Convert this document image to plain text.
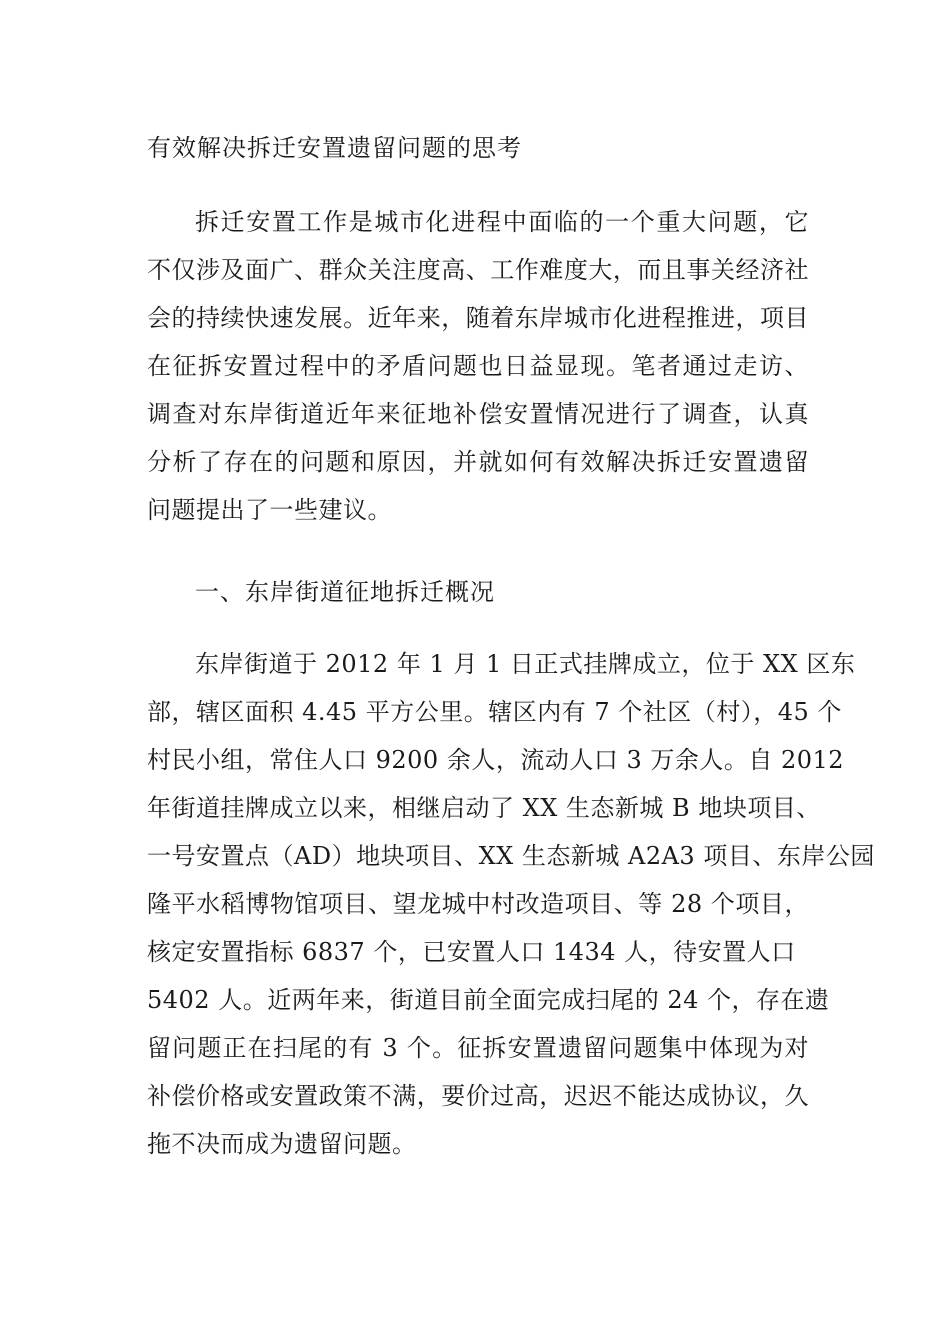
有效解决拆迁安置遗留问题的思考
拆迁安置工作是城市化进程中面临的一个重大问题，它
不仅涉及面广、群众关注度高、工作难度大，而且事关经济社
会的持续快速发展。近年来，随着东岸城市化进程推进，项目
在征拆安置过程中的矛盾问题也日益显现。笔者通过走访、
调查对东岸街道近年来征地补偿安置情况进行了调查，认真
分析了存在的问题和原因，并就如何有效解决拆迁安置遗留
问题提出了一些建议。
一、东岸街道征地拆迁概况
东岸街道于 2012 年 1 月 1 日正式挂牌成立，位于 XX 区东
部，辖区面积 4.45 平方公里。辖区内有 7 个社区（村），45 个
村民小组，常住人口 9200 余人，流动人口 3 万余人。自 2012
年街道挂牌成立以来，相继启动了 XX 生态新城 B 地块项目、
一号安置点（AD）地块项目、XX 生态新城 A2A3 项目、东岸公园
隆平水稻博物馆项目、望龙城中村改造项目、等 28 个项目，
核定安置指标 6837 个，已安置人口 1434 人，待安置人口
5402 人。近两年来，街道目前全面完成扫尾的 24 个，存在遗
留问题正在扫尾的有 3 个。征拆安置遗留问题集中体现为对
补偿价格或安置政策不满，要价过高，迟迟不能达成协议，久
拖不决而成为遗留问题。
